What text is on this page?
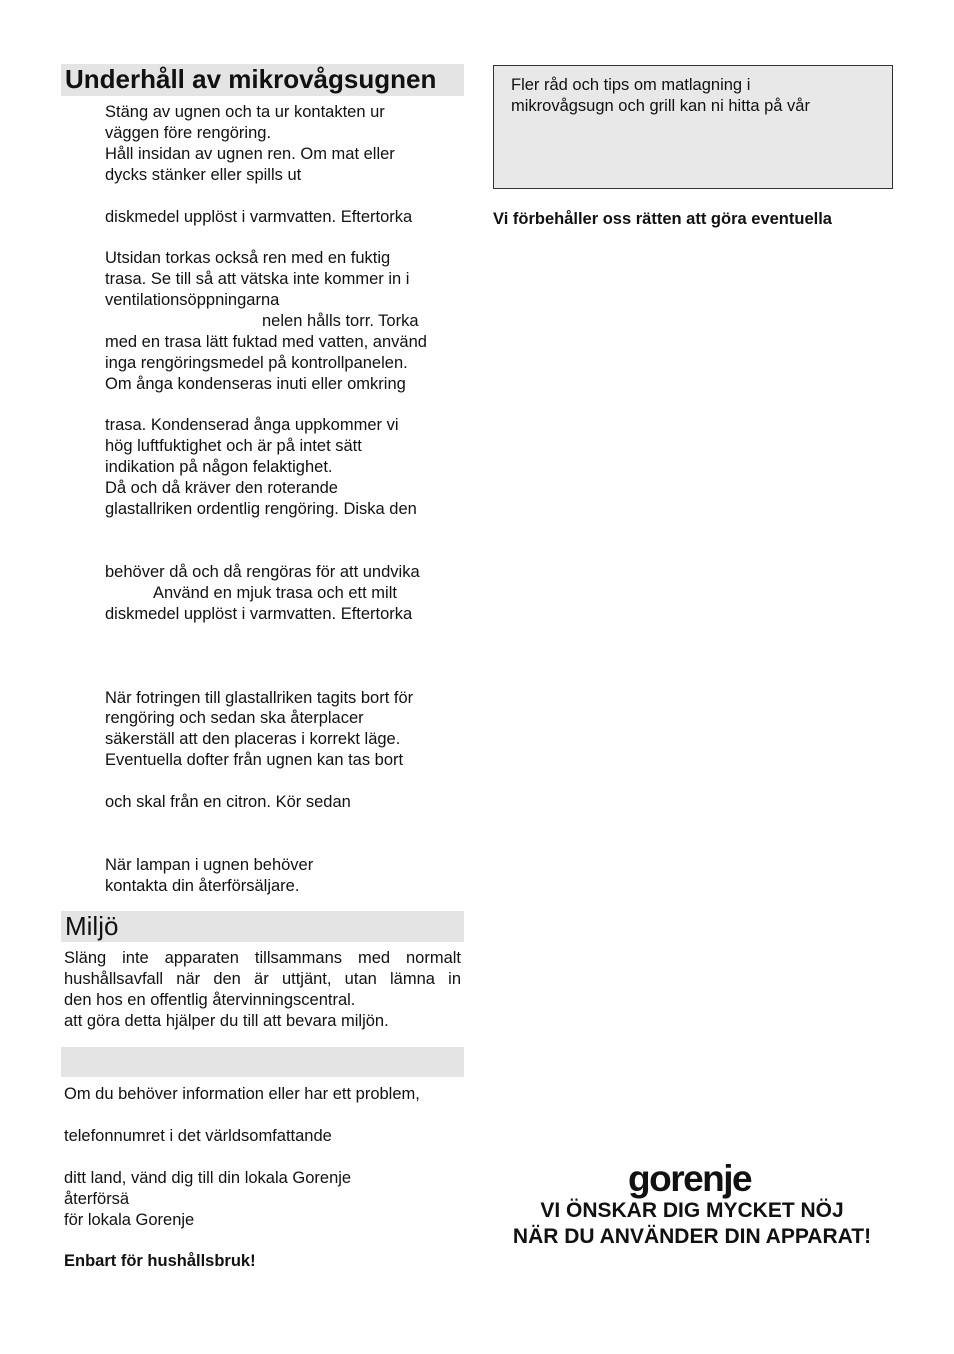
Underhåll av mikrovågsugnen
Stäng av ugnen och ta ur kontakten ur
väggen före rengöring.
Håll insidan av ugnen ren. Om mat eller
dycks stänker eller spills ut
diskmedel upplöst i varmvatten. Eftertorka
Utsidan torkas också ren med en fuktig
trasa. Se till så att vätska inte kommer in i
ventilationsöppningarna
nelen hålls torr. Torka
med en trasa lätt fuktad med vatten, använd
inga rengöringsmedel på kontrollpanelen.
Om ånga kondenseras inuti eller omkring
trasa. Kondenserad ånga uppkommer vi
hög luftfuktighet och är på intet sätt
indikation på någon felaktighet.
Då och då kräver den roterande
glastallriken ordentlig rengöring. Diska den
behöver då och då rengöras för att undvika
Använd en mjuk trasa och ett milt
diskmedel upplöst i varmvatten. Eftertorka
När fotringen till glastallriken tagits bort för
rengöring och sedan ska återplacer
säkerställ att den placeras i korrekt läge.
Eventuella dofter från ugnen kan tas bort
och skal från en citron. Kör sedan
När lampan i ugnen behöver
kontakta din återförsäljare.
Miljö
Släng inte apparaten tillsammans med normalt
hushållsavfall när den är uttjänt, utan lämna in
den hos en offentlig återvinningscentral.
att göra detta hjälper du till att bevara miljön.
Om du behöver information eller har ett problem,
telefonnumret i det världsomfattande
ditt land, vänd dig till din lokala Gorenje
återförsä
för lokala Gorenje
Enbart för hushållsbruk!
Fler råd och tips om matlagning i
mikrovågsugn och grill kan ni hitta på vår
Vi förbehåller oss rätten att göra eventuella
gorenje
VI ÖNSKAR DIG MYCKET NÖJ
NÄR DU ANVÄNDER DIN APPARAT!
